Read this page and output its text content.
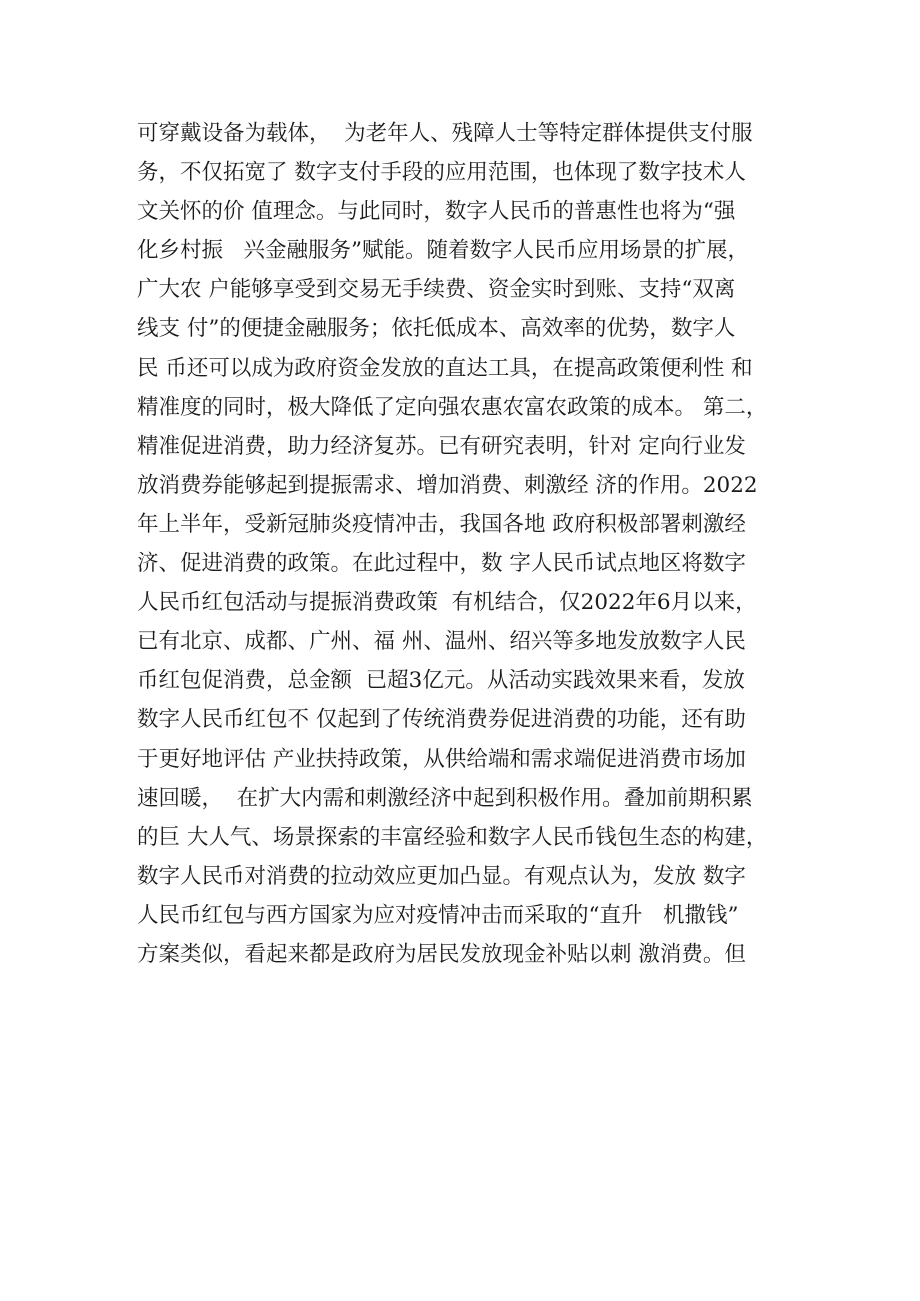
可穿戴设备为载体，  为老年人、残障人士等特定群体提供支付服
务，不仅拓宽了 数字支付手段的应用范围，也体现了数字技术人
文关怀的价 值理念。与此同时，数字人民币的普惠性也将为“强
化乡村振   兴金融服务”赋能。随着数字人民币应用场景的扩展，
广大农 户能够享受到交易无手续费、资金实时到账、支持“双离
线支 付”的便捷金融服务；依托低成本、高效率的优势，数字人
民 币还可以成为政府资金发放的直达工具，在提高政策便利性 和
精准度的同时，极大降低了定向强农惠农富农政策的成本。 第二，
精准促进消费，助力经济复苏。已有研究表明，针对 定向行业发
放消费券能够起到提振需求、增加消费、刺激经 济的作用。2022
年上半年，受新冠肺炎疫情冲击，我国各地 政府积极部署刺激经
济、促进消费的政策。在此过程中，数 字人民币试点地区将数字
人民币红包活动与提振消费政策  有机结合，仅2022年6月以来，
已有北京、成都、广州、福 州、温州、绍兴等多地发放数字人民
币红包促消费，总金额  已超3亿元。从活动实践效果来看，发放
数字人民币红包不 仅起到了传统消费券促进消费的功能，还有助
于更好地评估 产业扶持政策，从供给端和需求端促进消费市场加
速回暖，  在扩大内需和刺激经济中起到积极作用。叠加前期积累
的巨 大人气、场景探索的丰富经验和数字人民币钱包生态的构建，
数字人民币对消费的拉动效应更加凸显。有观点认为，发放 数字
人民币红包与西方国家为应对疫情冲击而采取的“直升   机撒钱”
方案类似，看起来都是政府为居民发放现金补贴以刺 激消费。但
